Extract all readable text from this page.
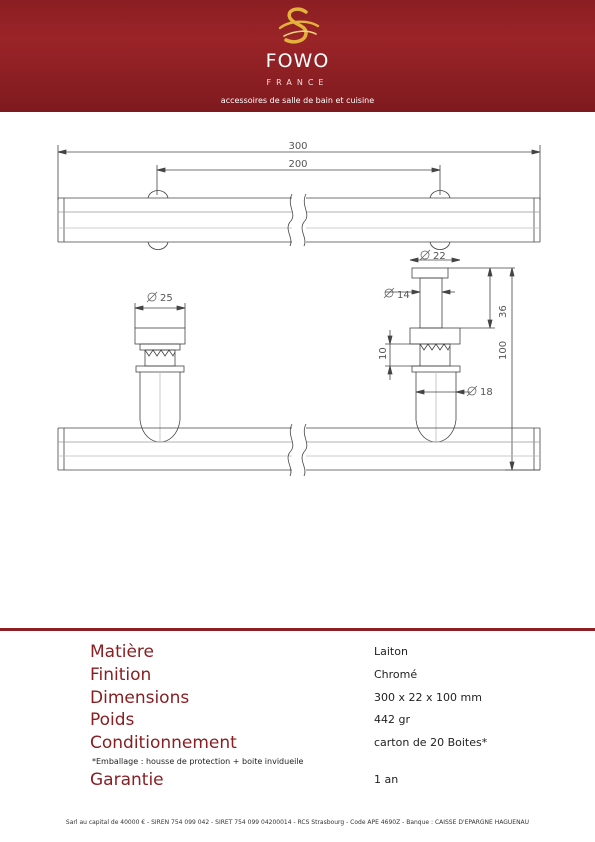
FOWO
FRANCE
accessoires de salle de bain et cuisine
300
200
25
22
14
36
10	100
18
Matière	Laiton
Finition	Chromé
Dimensions	300 x 22 x 100 mm
Poids	442 gr
Conditionnement	carton de 20 Boites*
*Emballage : housse de protection + boite invidueile
Garantie	1 an
Sarl au capital de 40000 € - SIREN 754 099 042 - SIRET 754 099 04200014 - RCS Strasbourg - Code APE 4690Z - Banque : CAISSE D'EPARGNE HAGUENAU
